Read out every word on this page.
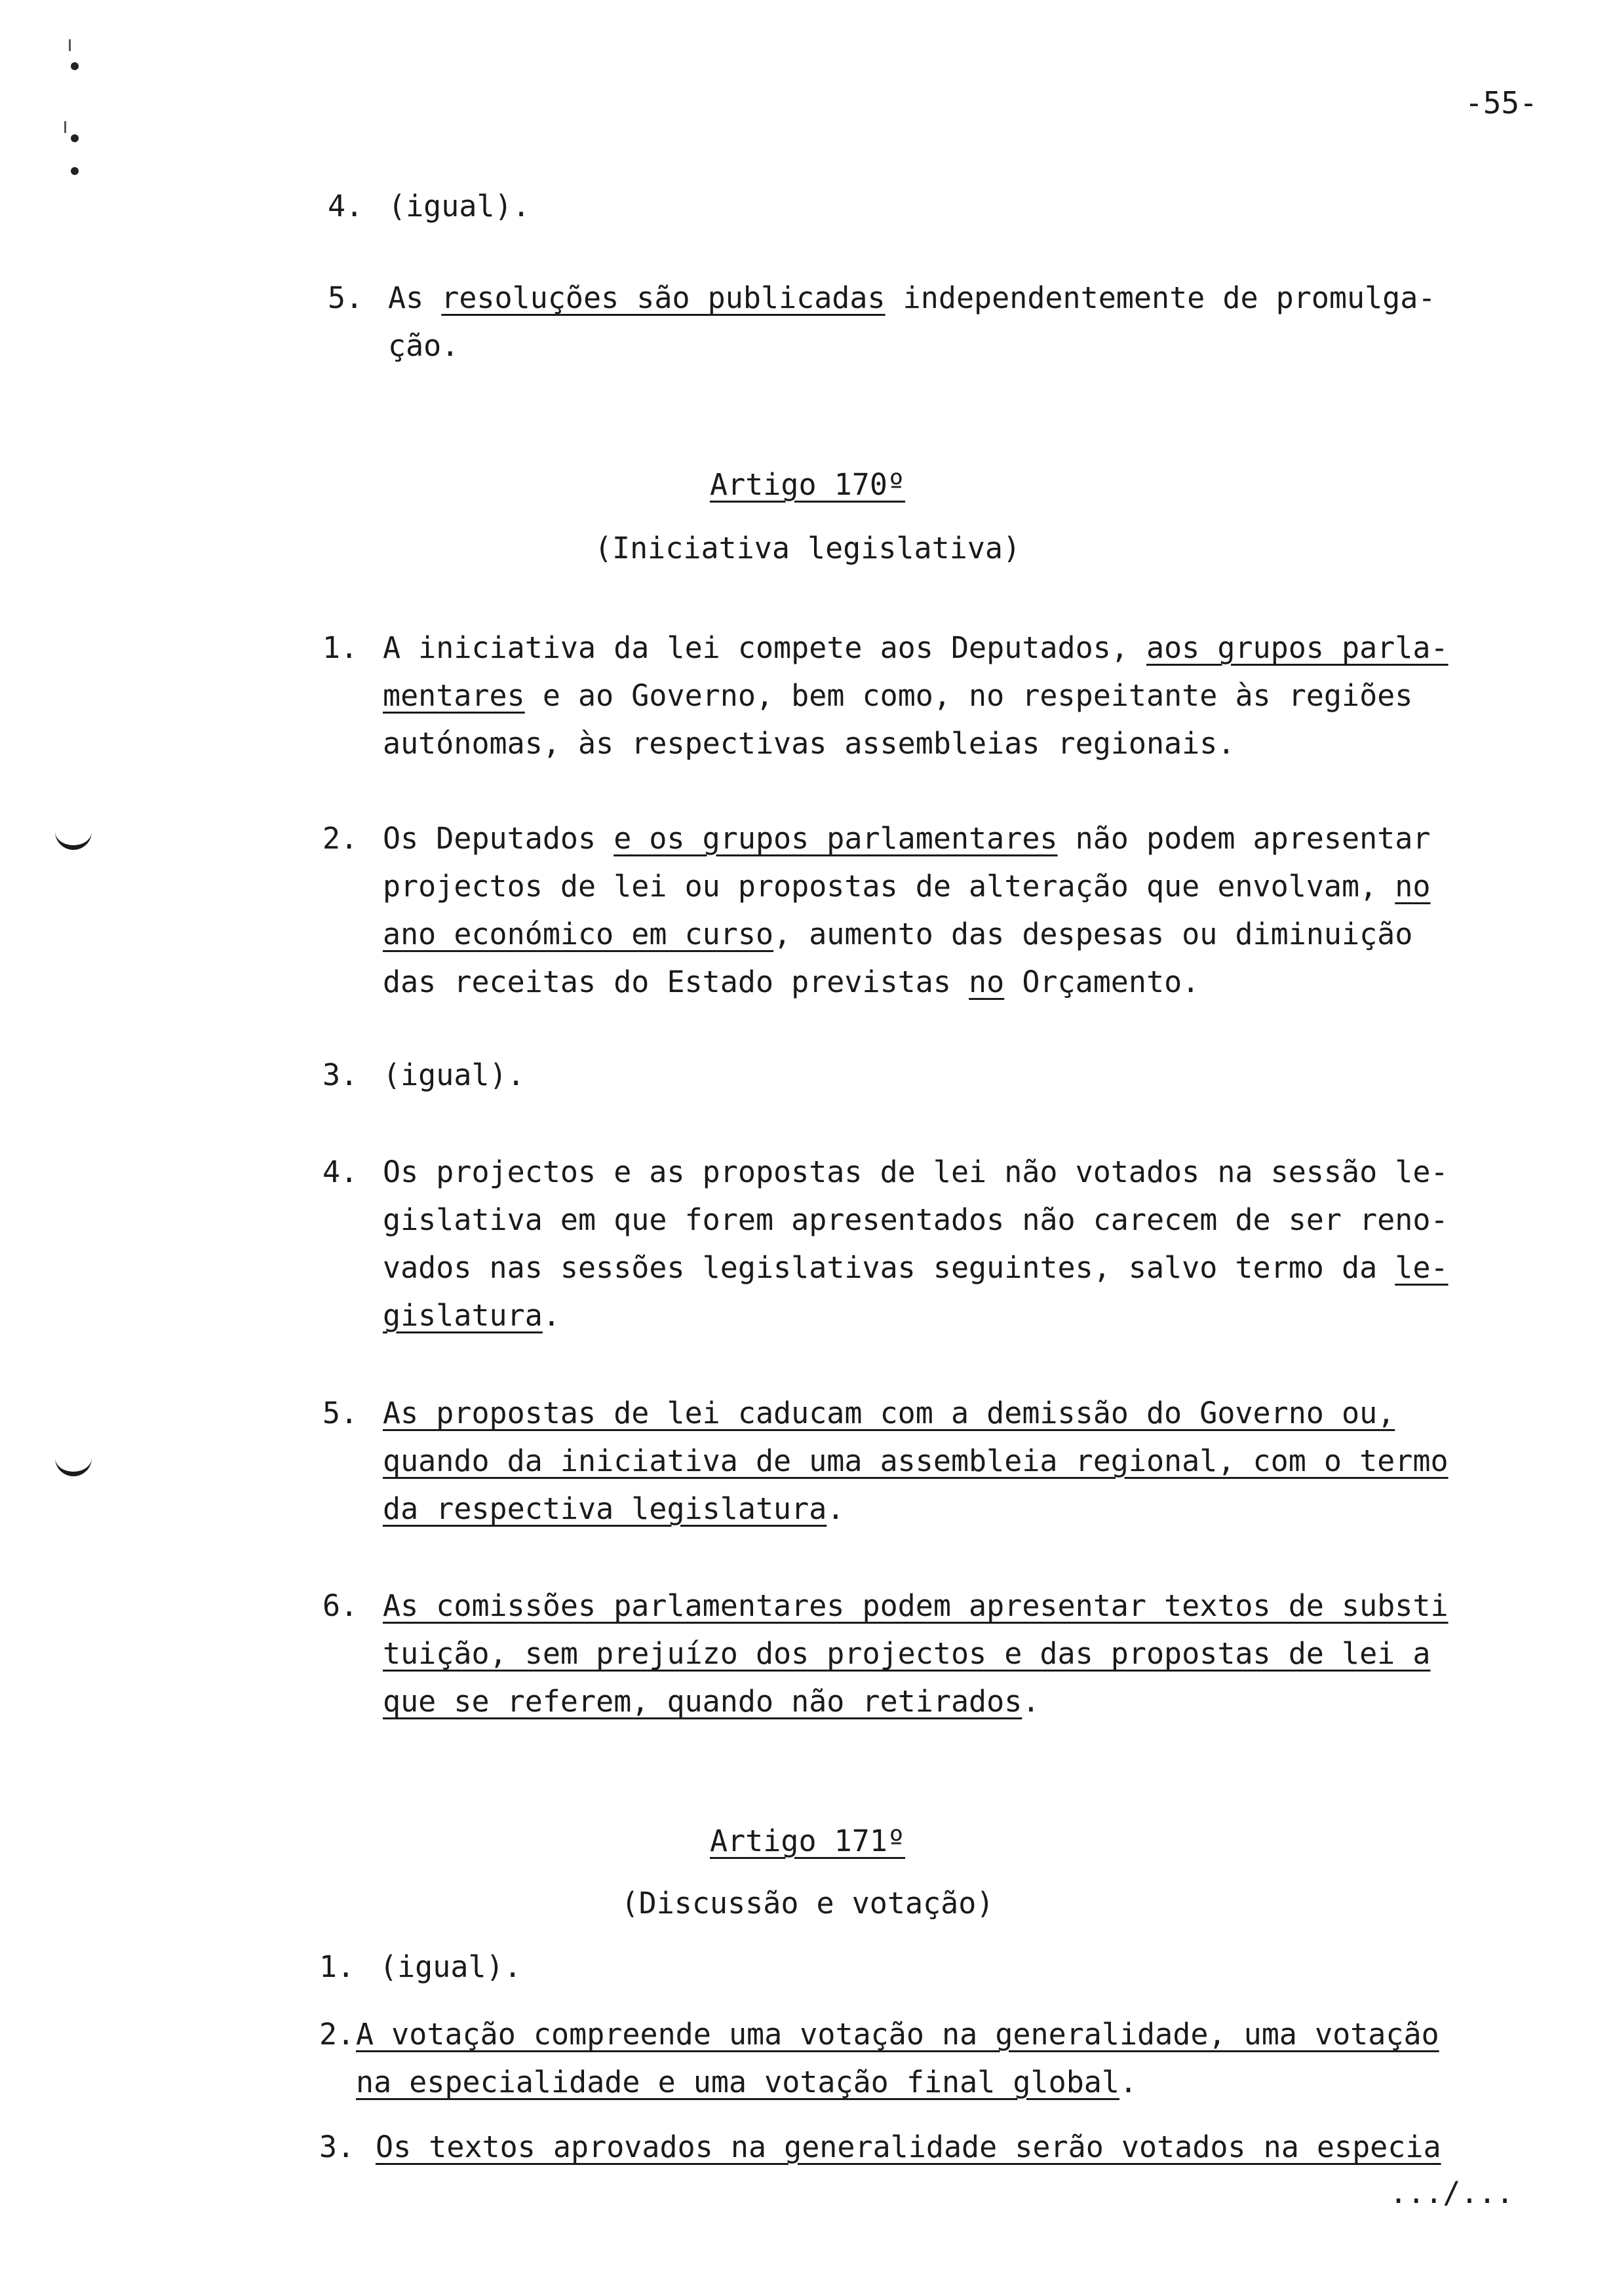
-55-
4. (igual).
5. As resoluções são publicadas independentemente de promulga-
ção.
Artigo 170º
(Iniciativa legislativa)
1. A iniciativa da lei compete aos Deputados, aos grupos parla-
mentares e ao Governo, bem como, no respeitante às regiões
autónomas, às respectivas assembleias regionais.
2. Os Deputados e os grupos parlamentares não podem apresentar
projectos de lei ou propostas de alteração que envolvam, no
ano económico em curso, aumento das despesas ou diminuição
das receitas do Estado previstas no Orçamento.
3. (igual).
4. Os projectos e as propostas de lei não votados na sessão le-
gislativa em que forem apresentados não carecem de ser reno-
vados nas sessões legislativas seguintes, salvo termo da le-
gislatura.
5. As propostas de lei caducam com a demissão do Governo ou,
quando da iniciativa de uma assembleia regional, com o termo
da respectiva legislatura.
6. As comissões parlamentares podem apresentar textos de substi
tuição, sem prejuízo dos projectos e das propostas de lei a
que se referem, quando não retirados.
Artigo 171º
(Discussão e votação)
1. (igual).
2.A votação compreende uma votação na generalidade, uma votação
na especialidade e uma votação final global.
3. Os textos aprovados na generalidade serão votados na especia
.../...
